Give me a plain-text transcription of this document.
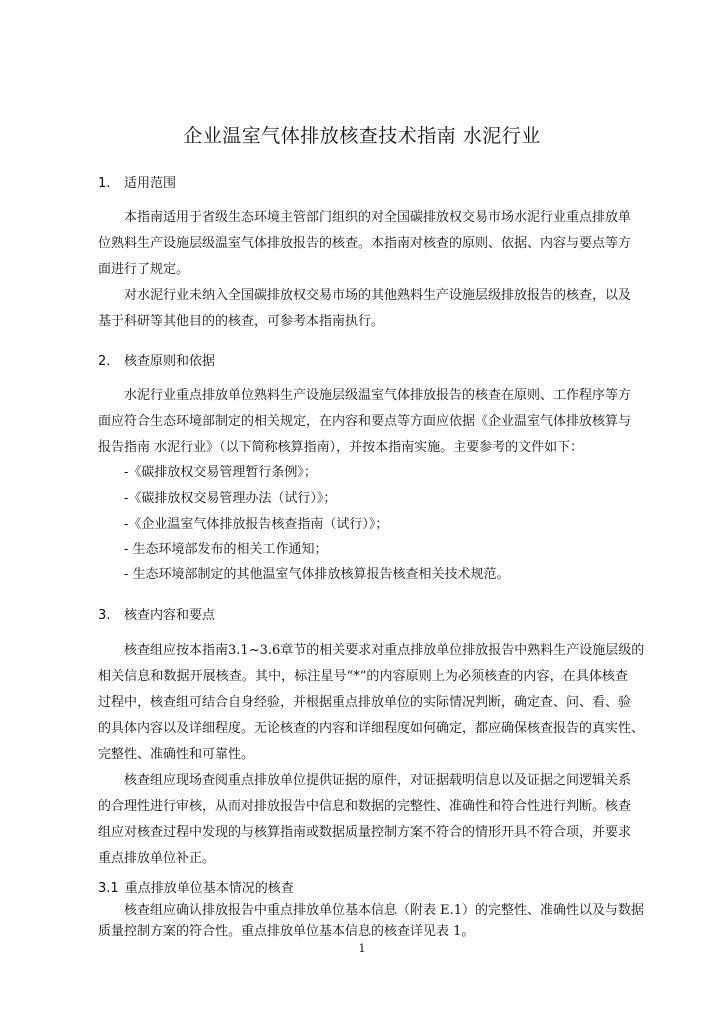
企业温室气体排放核查技术指南 水泥行业
1. 适用范围
本指南适用于省级生态环境主管部门组织的对全国碳排放权交易市场水泥行业重点排放单
位熟料生产设施层级温室气体排放报告的核查。本指南对核查的原则、依据、内容与要点等方
面进行了规定。
对水泥行业未纳入全国碳排放权交易市场的其他熟料生产设施层级排放报告的核查，以及
基于科研等其他目的的核查，可参考本指南执行。
2. 核查原则和依据
水泥行业重点排放单位熟料生产设施层级温室气体排放报告的核查在原则、工作程序等方
面应符合生态环境部制定的相关规定，在内容和要点等方面应依据《企业温室气体排放核算与
报告指南 水泥行业》（以下简称核算指南），并按本指南实施。主要参考的文件如下：
-《碳排放权交易管理暂行条例》；
-《碳排放权交易管理办法（试行）》；
-《企业温室气体排放报告核查指南（试行）》；
- 生态环境部发布的相关工作通知；
- 生态环境部制定的其他温室气体排放核算报告核查相关技术规范。
3. 核查内容和要点
核查组应按本指南3.1~3.6章节的相关要求对重点排放单位排放报告中熟料生产设施层级的
相关信息和数据开展核查。其中，标注星号“*”的内容原则上为必须核查的内容，在具体核查
过程中，核查组可结合自身经验，并根据重点排放单位的实际情况判断，确定查、问、看、验
的具体内容以及详细程度。无论核查的内容和详细程度如何确定，都应确保核查报告的真实性、
完整性、准确性和可靠性。
核查组应现场查阅重点排放单位提供证据的原件，对证据载明信息以及证据之间逻辑关系
的合理性进行审核，从而对排放报告中信息和数据的完整性、准确性和符合性进行判断。核查
组应对核查过程中发现的与核算指南或数据质量控制方案不符合的情形开具不符合项，并要求
重点排放单位补正。
3.1 重点排放单位基本情况的核查
核查组应确认排放报告中重点排放单位基本信息（附表 E.1）的完整性、准确性以及与数据
质量控制方案的符合性。重点排放单位基本信息的核查详见表 1。
1
